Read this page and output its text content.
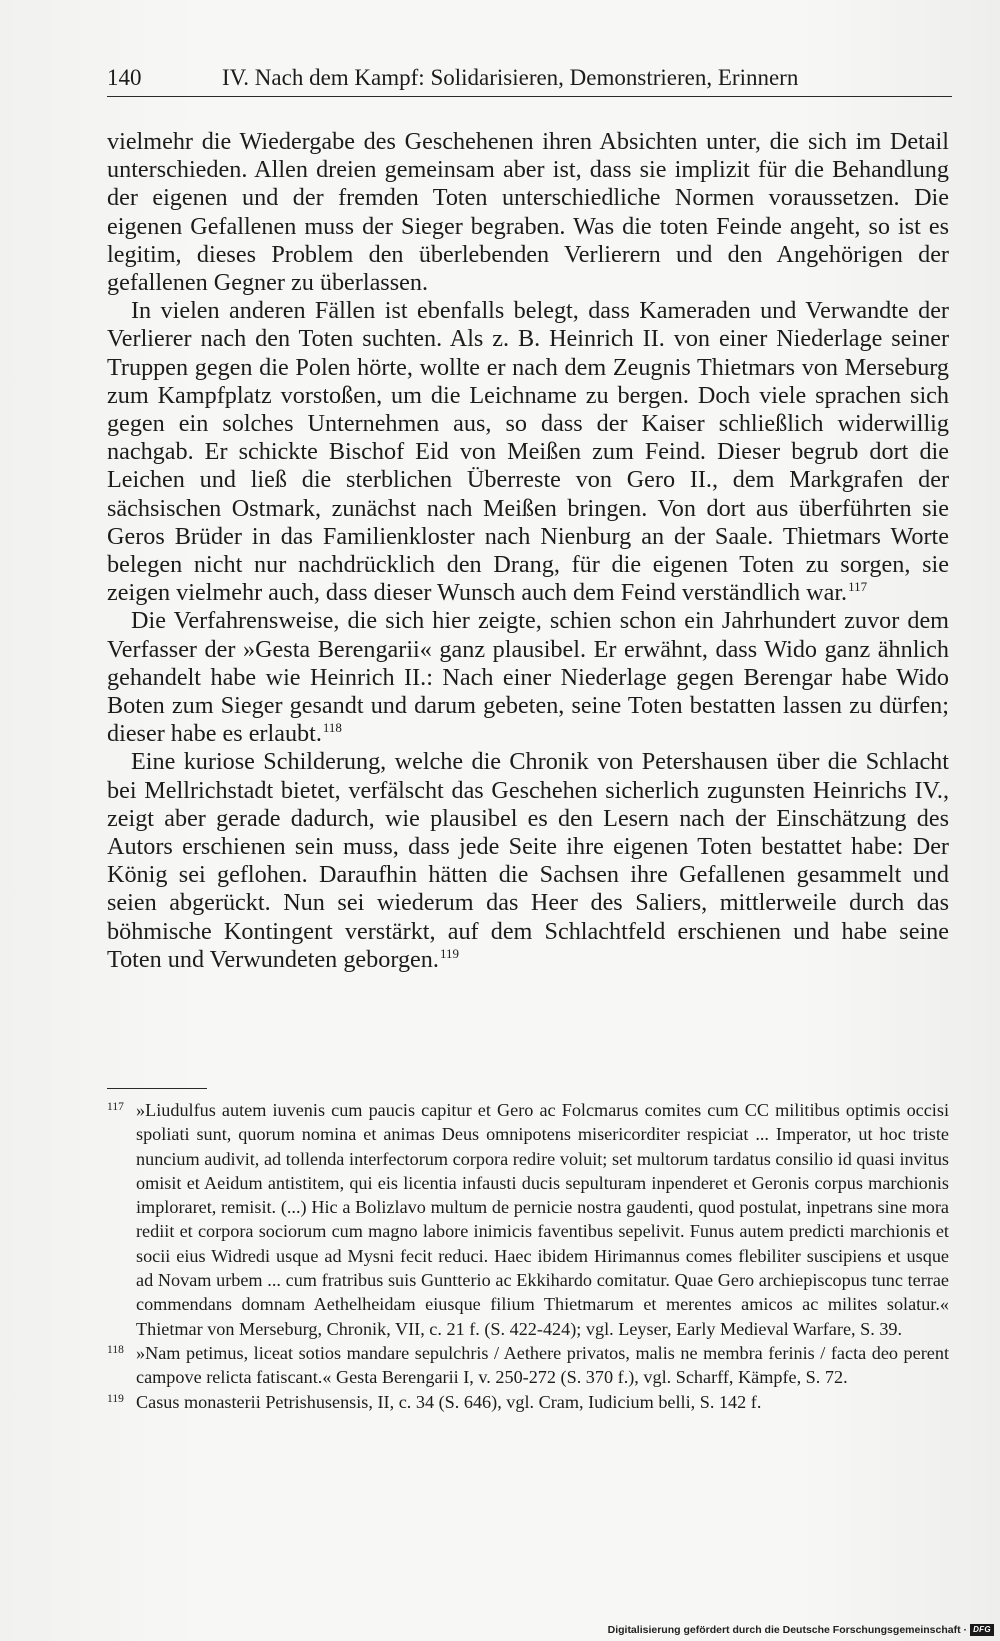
140	IV. Nach dem Kampf: Solidarisieren, Demonstrieren, Erinnern

vielmehr die Wiedergabe des Geschehenen ihren Absichten unter, die sich im Detail unterschieden. Allen dreien gemeinsam aber ist, dass sie implizit für die Behandlung der eigenen und der fremden Toten unterschiedliche Normen voraussetzen. Die eigenen Gefallenen muss der Sieger begraben. Was die toten Feinde angeht, so ist es legitim, dieses Problem den überlebenden Verlierern und den Angehörigen der gefallenen Gegner zu überlassen.

In vielen anderen Fällen ist ebenfalls belegt, dass Kameraden und Verwandte der Verlierer nach den Toten suchten. Als z. B. Heinrich II. von einer Niederlage seiner Truppen gegen die Polen hörte, wollte er nach dem Zeugnis Thietmars von Merseburg zum Kampfplatz vorstoßen, um die Leichname zu bergen. Doch viele sprachen sich gegen ein solches Unternehmen aus, so dass der Kaiser schließlich widerwillig nachgab. Er schickte Bischof Eid von Meißen zum Feind. Dieser begrub dort die Leichen und ließ die sterblichen Überreste von Gero II., dem Markgrafen der sächsischen Ostmark, zunächst nach Meißen bringen. Von dort aus überführten sie Geros Brüder in das Familienkloster nach Nienburg an der Saale. Thietmars Worte belegen nicht nur nachdrücklich den Drang, für die eigenen Toten zu sorgen, sie zeigen vielmehr auch, dass dieser Wunsch auch dem Feind verständlich war.$^{117}$

Die Verfahrensweise, die sich hier zeigte, schien schon ein Jahrhundert zuvor dem Verfasser der »Gesta Berengarii« ganz plausibel. Er erwähnt, dass Wido ganz ähnlich gehandelt habe wie Heinrich II.: Nach einer Niederlage gegen Berengar habe Wido Boten zum Sieger gesandt und darum gebeten, seine Toten bestatten lassen zu dürfen; dieser habe es erlaubt.$^{118}$

Eine kuriose Schilderung, welche die Chronik von Petershausen über die Schlacht bei Mellrichstadt bietet, verfälscht das Geschehen sicherlich zugunsten Heinrichs IV., zeigt aber gerade dadurch, wie plausibel es den Lesern nach der Einschätzung des Autors erschienen sein muss, dass jede Seite ihre eigenen Toten bestattet habe: Der König sei geflohen. Daraufhin hätten die Sachsen ihre Gefallenen gesammelt und seien abgerückt. Nun sei wiederum das Heer des Saliers, mittlerweile durch das böhmische Kontingent verstärkt, auf dem Schlachtfeld erschienen und habe seine Toten und Verwundeten geborgen.$^{119}$

117 »Liudulfus autem iuvenis cum paucis capitur et Gero ac Folcmarus comites cum CC militibus optimis occisi spoliati sunt, quorum nomina et animas Deus omnipotens misericorditer respiciat ... Imperator, ut hoc triste nuncium audivit, ad tollenda interfectorum corpora redire voluit; set multorum tardatus consilio id quasi invitus omisit et Aeidum antistitem, qui eis licentia infausti ducis sepulturam inpenderet et Geronis corpus marchionis imploraret, remisit. (...) Hic a Bolizlavo multum de pernicie nostra gaudenti, quod postulat, inpetrans sine mora rediit et corpora sociorum cum magno labore inimicis faventibus sepelivit. Funus autem predicti marchionis et socii eius Widredi usque ad Mysni fecit reduci. Haec ibidem Hirimannus comes flebiliter suscipiens et usque ad Novam urbem ... cum fratribus suis Guntterio ac Ekkihardo comitatur. Quae Gero archiepiscopus tunc terrae commendans domnam Aethelheidam eiusque filium Thietmarum et merentes amicos ac milites solatur.« Thietmar von Merseburg, Chronik, VII, c. 21 f. (S. 422-424); vgl. Leyser, Early Medieval Warfare, S. 39.

118 »Nam petimus, liceat sotios mandare sepulchris / Aethere privatos, malis ne membra ferinis / facta deo perent campove relicta fatiscant.« Gesta Berengarii I, v. 250-272 (S. 370 f.), vgl. Scharff, Kämpfe, S. 72.

119 Casus monasterii Petrishusensis, II, c. 34 (S. 646), vgl. Cram, Iudicium belli, S. 142 f.

Digitalisierung gefördert durch die Deutsche Forschungsgemeinschaft · DFG
